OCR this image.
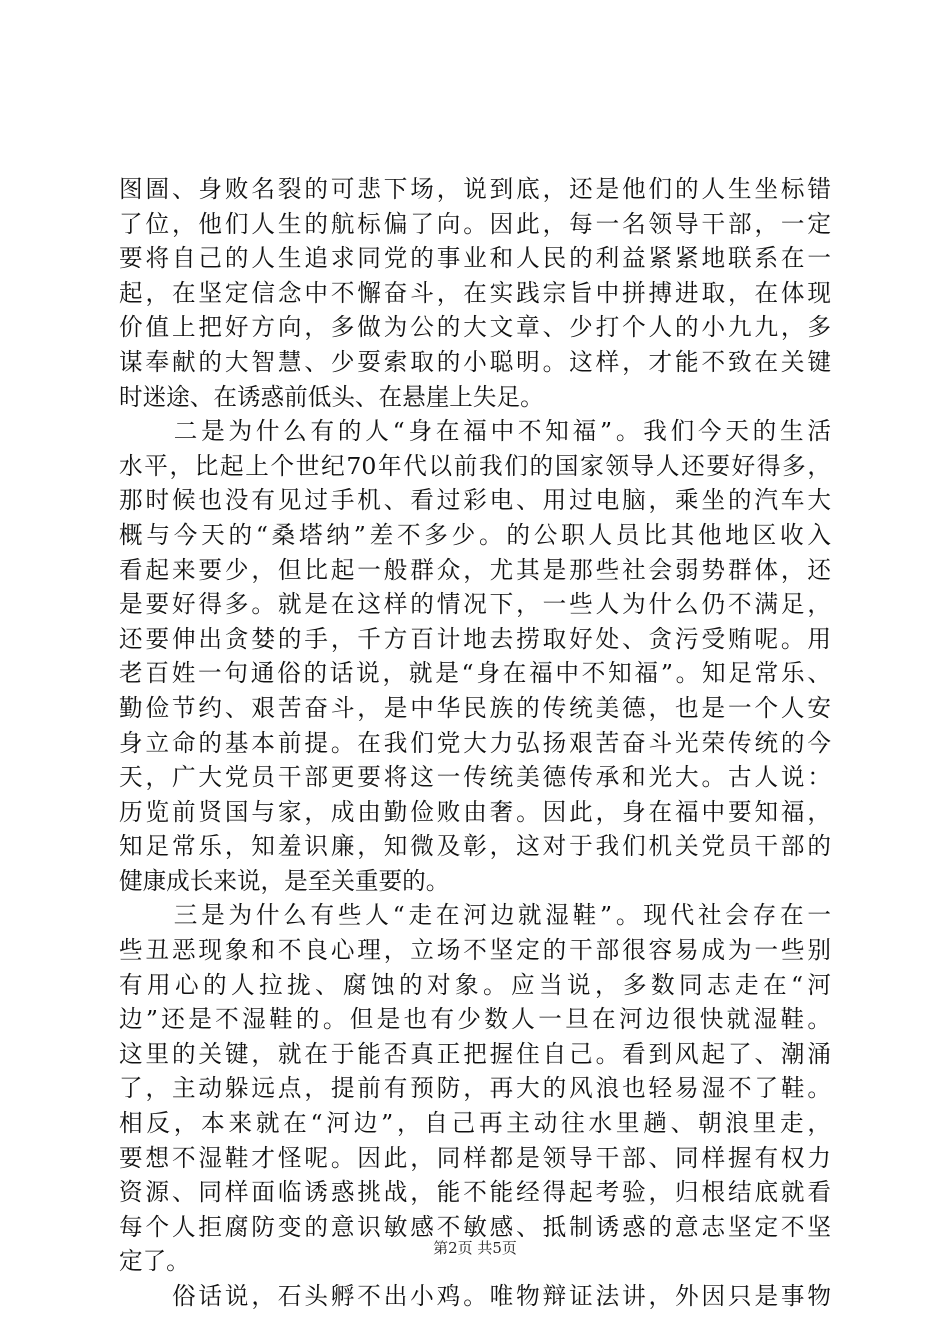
图圄、身败名裂的可悲下场，说到底，还是他们的人生坐标错
了位，他们人生的航标偏了向。因此，每一名领导干部，一定
要将自己的人生追求同党的事业和人民的利益紧紧地联系在一
起，在坚定信念中不懈奋斗，在实践宗旨中拼搏进取，在体现
价值上把好方向，多做为公的大文章、少打个人的小九九，多
谋奉献的大智慧、少耍索取的小聪明。这样，才能不致在关键
时迷途、在诱惑前低头、在悬崖上失足。
　　二是为什么有的人“身在福中不知福”。我们今天的生活
水平，比起上个世纪70年代以前我们的国家领导人还要好得多，
那时候也没有见过手机、看过彩电、用过电脑，乘坐的汽车大
概与今天的“桑塔纳”差不多少。的公职人员比其他地区收入
看起来要少，但比起一般群众，尤其是那些社会弱势群体，还
是要好得多。就是在这样的情况下，一些人为什么仍不满足，
还要伸出贪婪的手，千方百计地去捞取好处、贪污受贿呢。用
老百姓一句通俗的话说，就是“身在福中不知福”。知足常乐、
勤俭节约、艰苦奋斗，是中华民族的传统美德，也是一个人安
身立命的基本前提。在我们党大力弘扬艰苦奋斗光荣传统的今
天，广大党员干部更要将这一传统美德传承和光大。古人说：
历览前贤国与家，成由勤俭败由奢。因此，身在福中要知福，
知足常乐，知羞识廉，知微及彰，这对于我们机关党员干部的
健康成长来说，是至关重要的。
　　三是为什么有些人“走在河边就湿鞋”。现代社会存在一
些丑恶现象和不良心理，立场不坚定的干部很容易成为一些别
有用心的人拉拢、腐蚀的对象。应当说，多数同志走在“河
边”还是不湿鞋的。但是也有少数人一旦在河边很快就湿鞋。
这里的关键，就在于能否真正把握住自己。看到风起了、潮涌
了，主动躲远点，提前有预防，再大的风浪也轻易湿不了鞋。
相反，本来就在“河边”，自己再主动往水里趟、朝浪里走，
要想不湿鞋才怪呢。因此，同样都是领导干部、同样握有权力
资源、同样面临诱惑挑战，能不能经得起考验，归根结底就看
每个人拒腐防变的意识敏感不敏感、抵制诱惑的意志坚定不坚
定了。
　　俗话说，石头孵不出小鸡。唯物辩证法讲，外因只是事物
第2页 共5页
